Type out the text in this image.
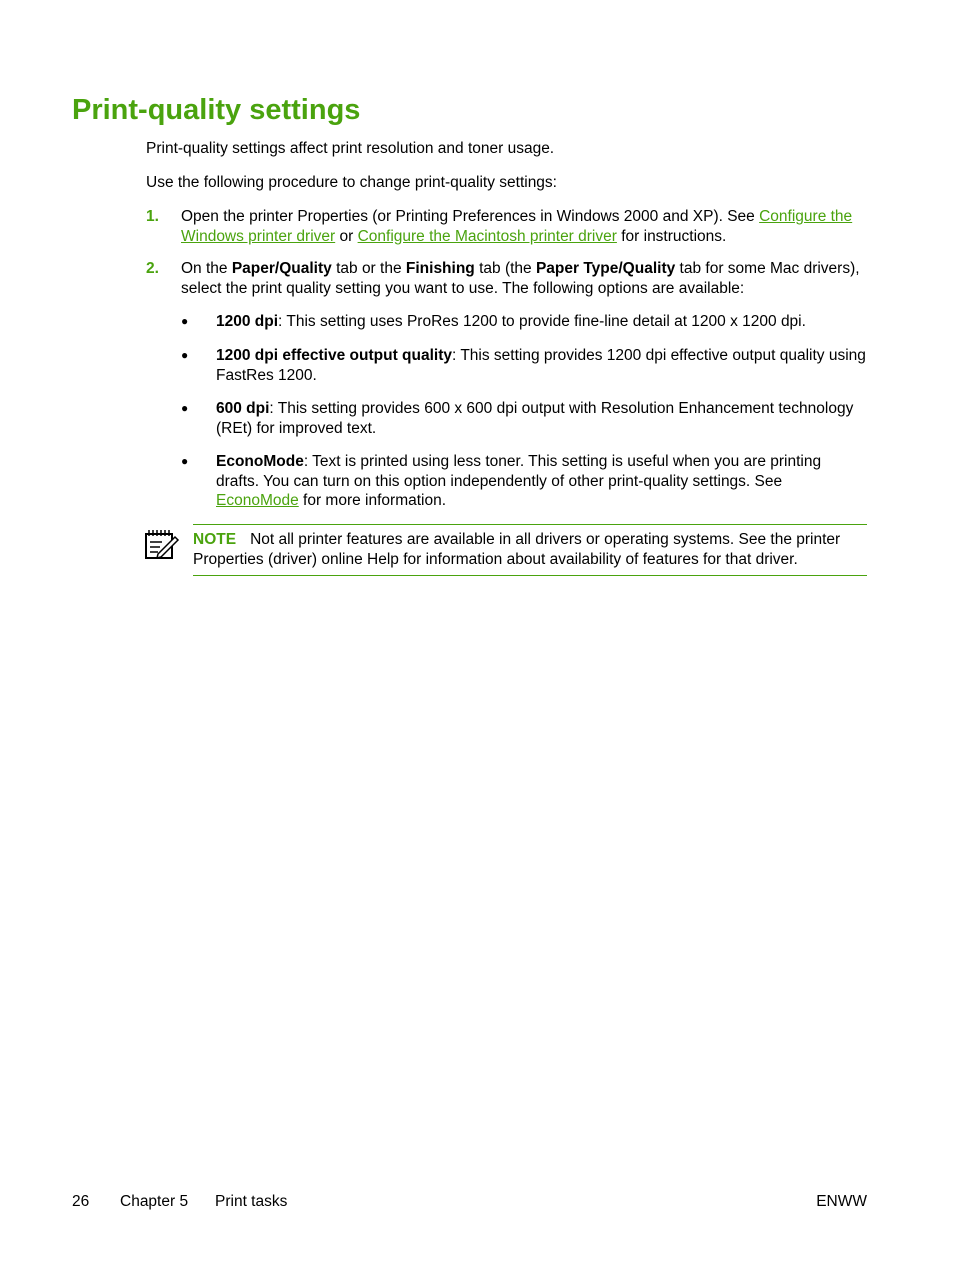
Print-quality settings

Print-quality settings affect print resolution and toner usage.

Use the following procedure to change print-quality settings:

1. Open the printer Properties (or Printing Preferences in Windows 2000 and XP). See Configure the Windows printer driver or Configure the Macintosh printer driver for instructions.
2. On the Paper/Quality tab or the Finishing tab (the Paper Type/Quality tab for some Mac drivers), select the print quality setting you want to use. The following options are available:
● 1200 dpi: This setting uses ProRes 1200 to provide fine-line detail at 1200 x 1200 dpi.
● 1200 dpi effective output quality: This setting provides 1200 dpi effective output quality using FastRes 1200.
● 600 dpi: This setting provides 600 x 600 dpi output with Resolution Enhancement technology (REt) for improved text.
● EconoMode: Text is printed using less toner. This setting is useful when you are printing drafts. You can turn on this option independently of other print-quality settings. See EconoMode for more information.
NOTE Not all printer features are available in all drivers or operating systems. See the printer Properties (driver) online Help for information about availability of features for that driver.
26 Chapter 5 Print tasks	ENWW
